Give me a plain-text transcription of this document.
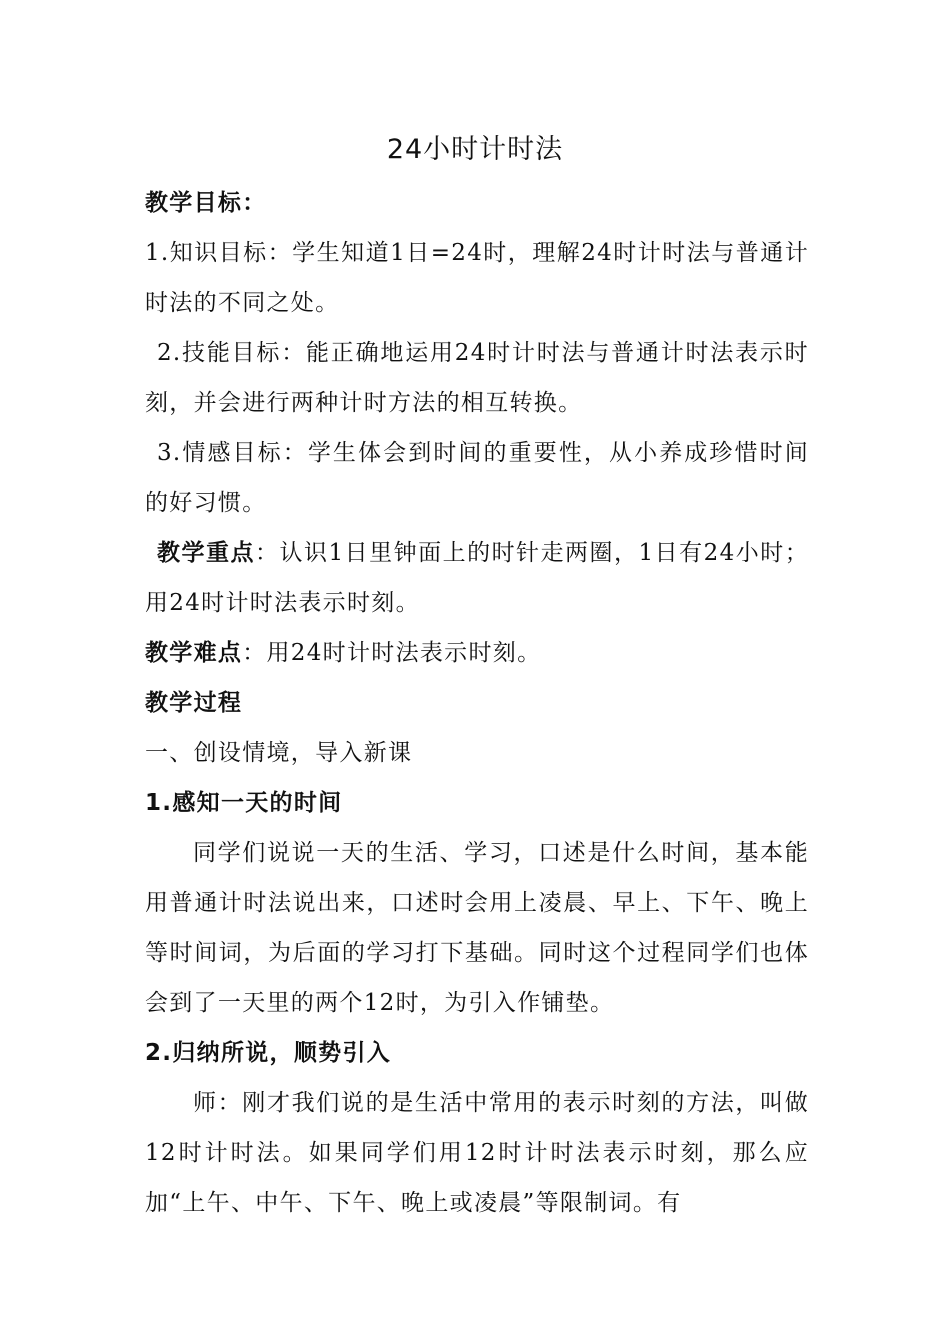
24小时计时法

教学目标：

1.知识目标：学生知道1日=24时，理解24时计时法与普通计时法的不同之处。

2.技能目标：能正确地运用24时计时法与普通计时法表示时刻，并会进行两种计时方法的相互转换。

3.情感目标：学生体会到时间的重要性，从小养成珍惜时间的好习惯。

教学重点：认识1日里钟面上的时针走两圈，1日有24小时；用24时计时法表示时刻。

教学难点：用24时计时法表示时刻。

教学过程

一、创设情境，导入新课

1.感知一天的时间

同学们说说一天的生活、学习，口述是什么时间，基本能用普通计时法说出来，口述时会用上凌晨、早上、下午、晚上等时间词，为后面的学习打下基础。同时这个过程同学们也体会到了一天里的两个12时，为引入作铺垫。

2.归纳所说，顺势引入

师：刚才我们说的是生活中常用的表示时刻的方法，叫做12时计时法。如果同学们用12时计时法表示时刻，那么应加“上午、中午、下午、晚上或凌晨”等限制词。有
